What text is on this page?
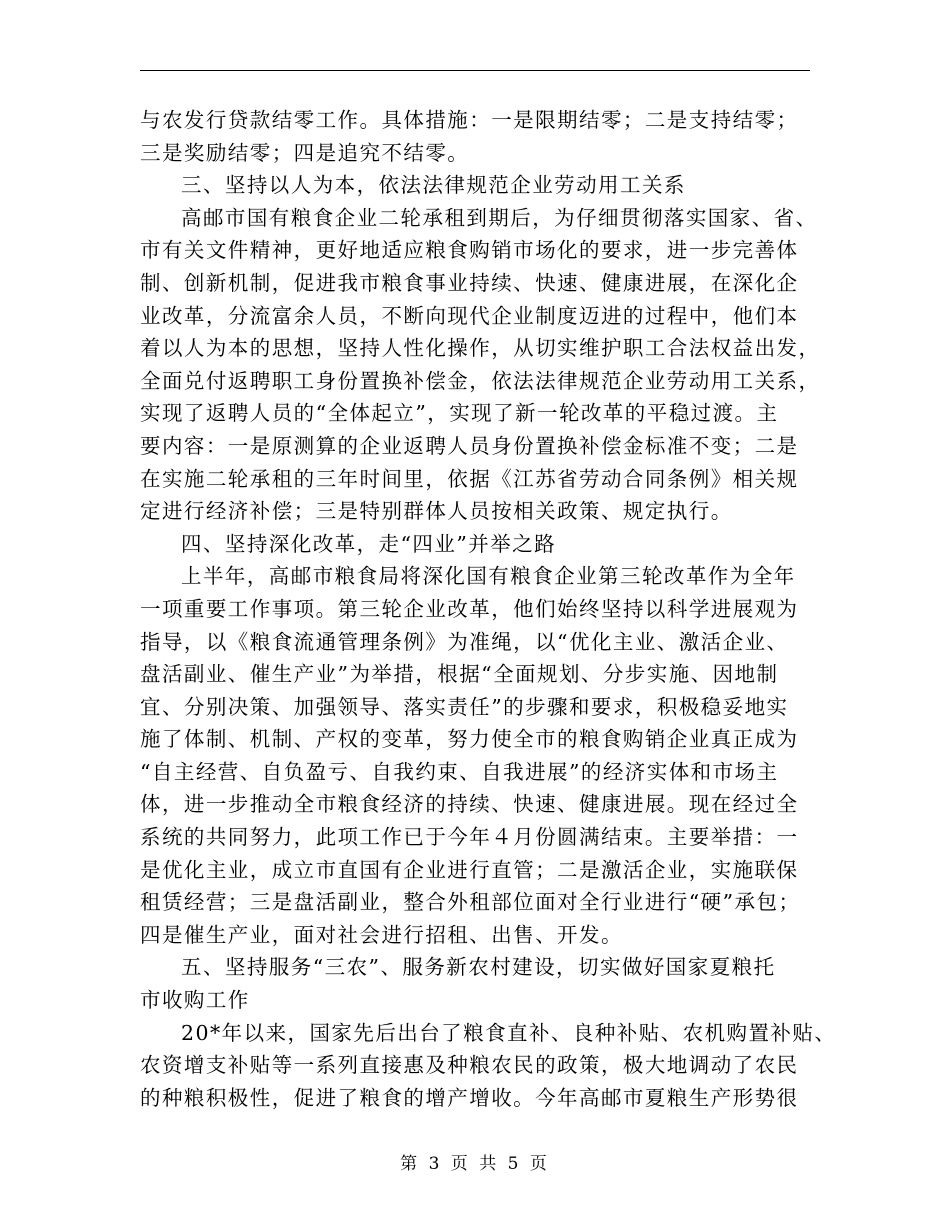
与农发行贷款结零工作。具体措施：一是限期结零；二是支持结零；
三是奖励结零；四是追究不结零。
三、坚持以人为本，依法法律规范企业劳动用工关系
高邮市国有粮食企业二轮承租到期后，为仔细贯彻落实国家、省、
市有关文件精神，更好地适应粮食购销市场化的要求，进一步完善体
制、创新机制，促进我市粮食事业持续、快速、健康进展，在深化企
业改革，分流富余人员，不断向现代企业制度迈进的过程中，他们本
着以人为本的思想，坚持人性化操作，从切实维护职工合法权益出发，
全面兑付返聘职工身份置换补偿金，依法法律规范企业劳动用工关系，
实现了返聘人员的“全体起立”，实现了新一轮改革的平稳过渡。主
要内容：一是原测算的企业返聘人员身份置换补偿金标准不变；二是
在实施二轮承租的三年时间里，依据《江苏省劳动合同条例》相关规
定进行经济补偿；三是特别群体人员按相关政策、规定执行。
四、坚持深化改革，走“四业”并举之路
上半年，高邮市粮食局将深化国有粮食企业第三轮改革作为全年
一项重要工作事项。第三轮企业改革，他们始终坚持以科学进展观为
指导，以《粮食流通管理条例》为准绳，以“优化主业、激活企业、
盘活副业、催生产业”为举措，根据“全面规划、分步实施、因地制
宜、分别决策、加强领导、落实责任”的步骤和要求，积极稳妥地实
施了体制、机制、产权的变革，努力使全市的粮食购销企业真正成为
“自主经营、自负盈亏、自我约束、自我进展”的经济实体和市场主
体，进一步推动全市粮食经济的持续、快速、健康进展。现在经过全
系统的共同努力，此项工作已于今年４月份圆满结束。主要举措：一
是优化主业，成立市直国有企业进行直管；二是激活企业，实施联保
租赁经营；三是盘活副业，整合外租部位面对全行业进行“硬”承包；
四是催生产业，面对社会进行招租、出售、开发。
五、坚持服务“三农”、服务新农村建设，切实做好国家夏粮托
市收购工作
20*年以来，国家先后出台了粮食直补、良种补贴、农机购置补贴、
农资增支补贴等一系列直接惠及种粮农民的政策，极大地调动了农民
的种粮积极性，促进了粮食的增产增收。今年高邮市夏粮生产形势很
第 3 页 共 5 页
